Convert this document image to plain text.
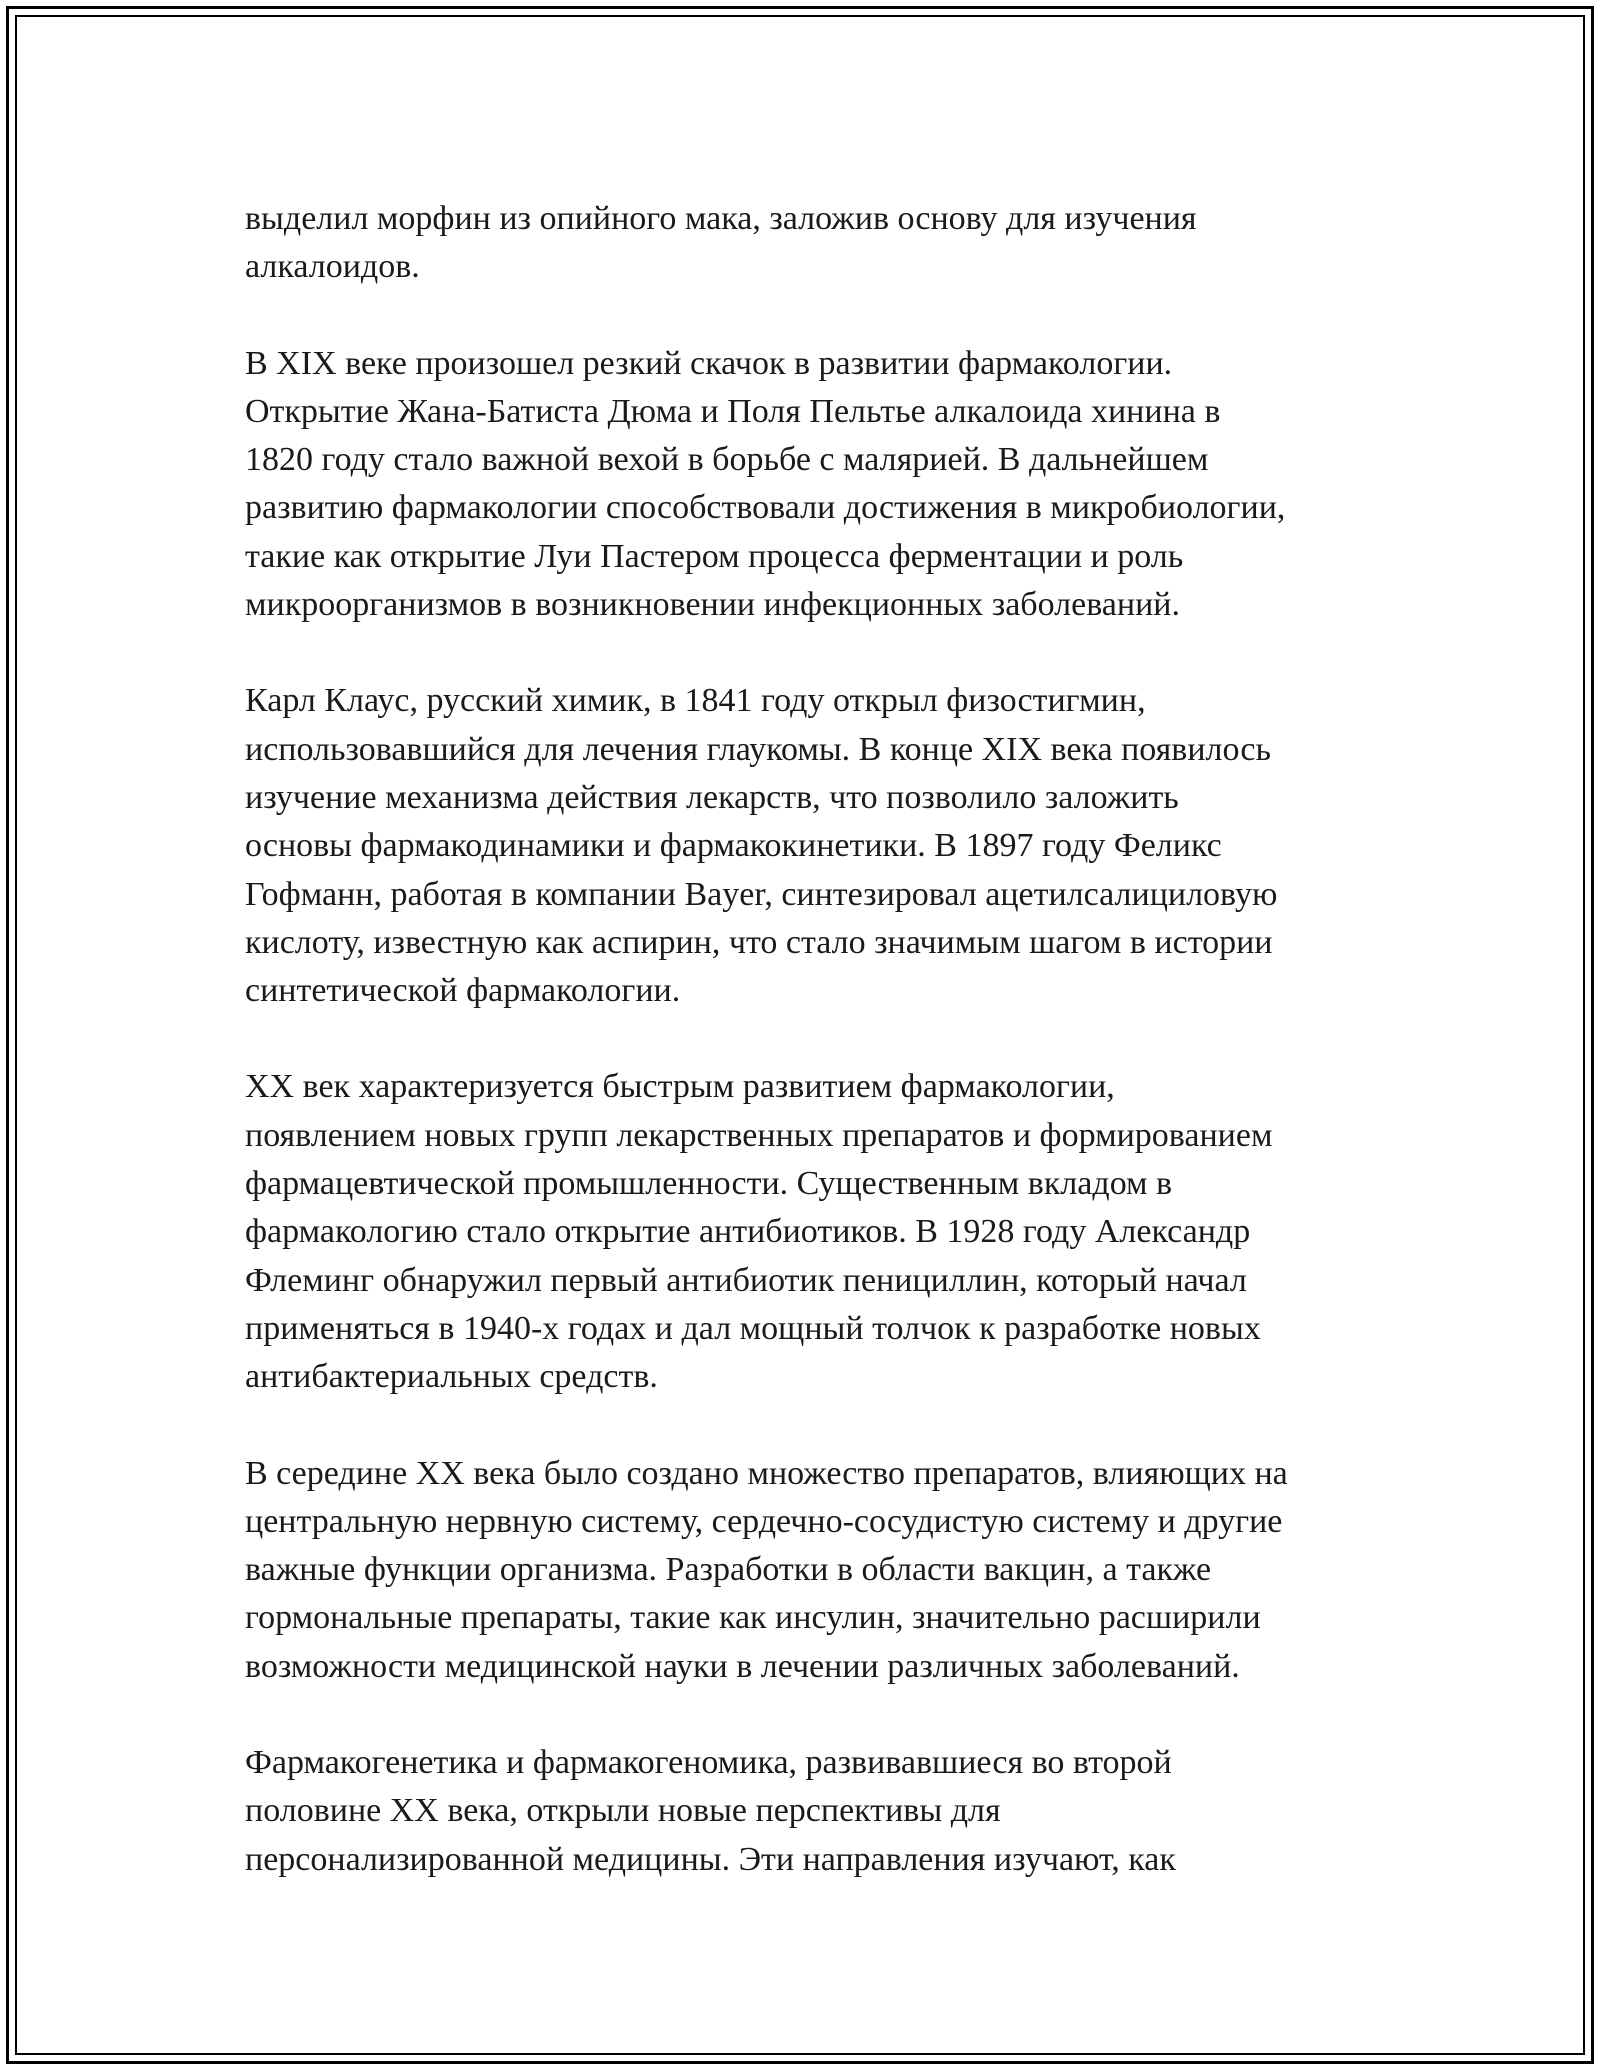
выделил морфин из опийного мака, заложив основу для изучения
алкалоидов.

В XIX веке произошел резкий скачок в развитии фармакологии.
Открытие Жана-Батиста Дюма и Поля Пельтье алкалоида хинина в
1820 году стало важной вехой в борьбе с малярией. В дальнейшем
развитию фармакологии способствовали достижения в микробиологии,
такие как открытие Луи Пастером процесса ферментации и роль
микроорганизмов в возникновении инфекционных заболеваний.

Карл Клаус, русский химик, в 1841 году открыл физостигмин,
использовавшийся для лечения глаукомы. В конце XIX века появилось
изучение механизма действия лекарств, что позволило заложить
основы фармакодинамики и фармакокинетики. В 1897 году Феликс
Гофманн, работая в компании Bayer, синтезировал ацетилсалициловую
кислоту, известную как аспирин, что стало значимым шагом в истории
синтетической фармакологии.

XX век характеризуется быстрым развитием фармакологии,
появлением новых групп лекарственных препаратов и формированием
фармацевтической промышленности. Существенным вкладом в
фармакологию стало открытие антибиотиков. В 1928 году Александр
Флеминг обнаружил первый антибиотик пенициллин, который начал
применяться в 1940-х годах и дал мощный толчок к разработке новых
антибактериальных средств.

В середине XX века было создано множество препаратов, влияющих на
центральную нервную систему, сердечно-сосудистую систему и другие
важные функции организма. Разработки в области вакцин, а также
гормональные препараты, такие как инсулин, значительно расширили
возможности медицинской науки в лечении различных заболеваний.

Фармакогенетика и фармакогеномика, развивавшиеся во второй
половине XX века, открыли новые перспективы для
персонализированной медицины. Эти направления изучают, как
